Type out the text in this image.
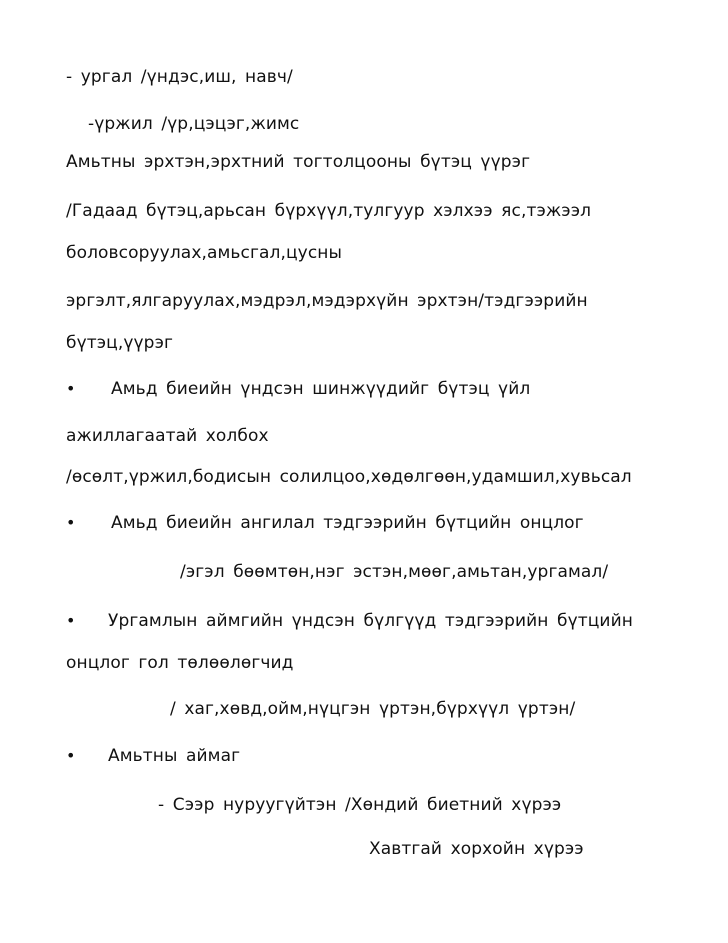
- ургал /үндэс,иш, навч/
-үржил /үр,цэцэг,жимс
Амьтны эрхтэн,эрхтний тогтолцооны бүтэц үүрэг
/Гадаад бүтэц,арьсан бүрхүүл,тулгуур хэлхээ яс,тэжээл
боловсоруулах,амьсгал,цусны
эргэлт,ялгаруулах,мэдрэл,мэдэрхүйн эрхтэн/тэдгээрийн
бүтэц,үүрэг
•	Амьд биеийн үндсэн шинжүүдийг бүтэц үйл
ажиллагаатай холбох
/өсөлт,үржил,бодисын солилцоо,хөдөлгөөн,удамшил,хувьсал
•	Амьд биеийн ангилал тэдгээрийн бүтцийн онцлог
/эгэл бөөмтөн,нэг эстэн,мөөг,амьтан,ургамал/
•	Ургамлын аймгийн үндсэн бүлгүүд тэдгээрийн бүтцийн
онцлог гол төлөөлөгчид
/ хаг,хөвд,ойм,нүцгэн үртэн,бүрхүүл үртэн/
•	Амьтны аймаг
- Сээр нуруугүйтэн /Хөндий биетний хүрээ
Хавтгай хорхойн хүрээ
